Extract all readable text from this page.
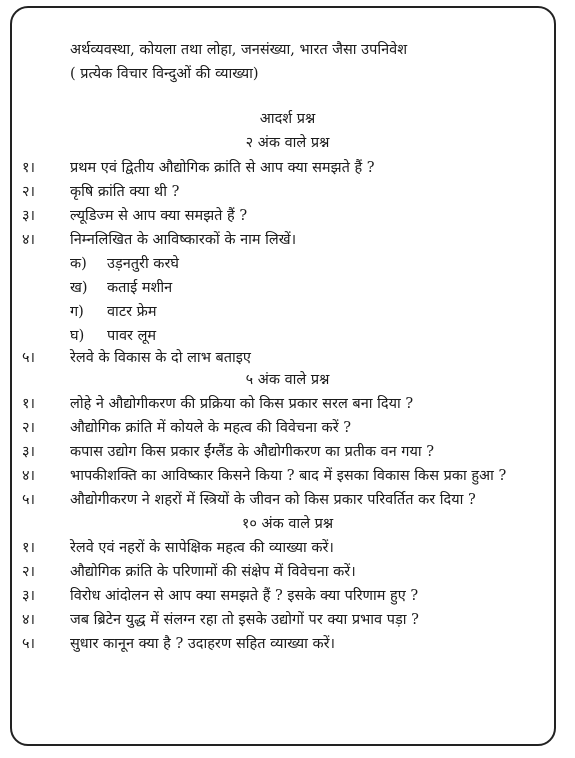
अर्थव्यवस्था, कोयला तथा लोहा, जनसंख्या, भारत जैसा उपनिवेश
( प्रत्येक विचार विन्दुओं की व्याख्या)
आदर्श प्रश्न
२ अंक वाले प्रश्न
१। प्रथम एवं द्वितीय औद्योगिक क्रांति से आप क्या समझते हैं ?
२। कृषि क्रांति क्या थी ?
३। ल्यूडिज्म से आप क्या समझते हैं ?
४। निम्नलिखित के आविष्कारकों के नाम लिखें।
क) उड़नतुरी करघे
ख) कताई मशीन
ग) वाटर फ्रेम
घ) पावर लूम
५। रेलवे के विकास के दो लाभ बताइए
५ अंक वाले प्रश्न
१। लोहे ने औद्योगीकरण की प्रक्रिया को किस प्रकार सरल बना दिया ?
२। औद्योगिक क्रांति में कोयले के महत्व की विवेचना करें ?
३। कपास उद्योग किस प्रकार ईंग्लैंड के औद्योगीकरण का प्रतीक वन गया ?
४। भापकीशक्ति का आविष्कार किसने किया ? बाद में इसका विकास किस प्रका हुआ ?
५। औद्योगीकरण ने शहरों में स्त्रियों के जीवन को किस प्रकार परिवर्तित कर दिया ?
१० अंक वाले प्रश्न
१। रेलवे एवं नहरों के सापेक्षिक महत्व की व्याख्या करें।
२। औद्योगिक क्रांति के परिणामों की संक्षेप में विवेचना करें।
३। विरोध आंदोलन से आप क्या समझते हैं ? इसके क्या परिणाम हुए ?
४। जब ब्रिटेन युद्ध में संलग्न रहा तो इसके उद्योगों पर क्या प्रभाव पड़ा ?
५। सुधार कानून क्या है ? उदाहरण सहित व्याख्या करें।
